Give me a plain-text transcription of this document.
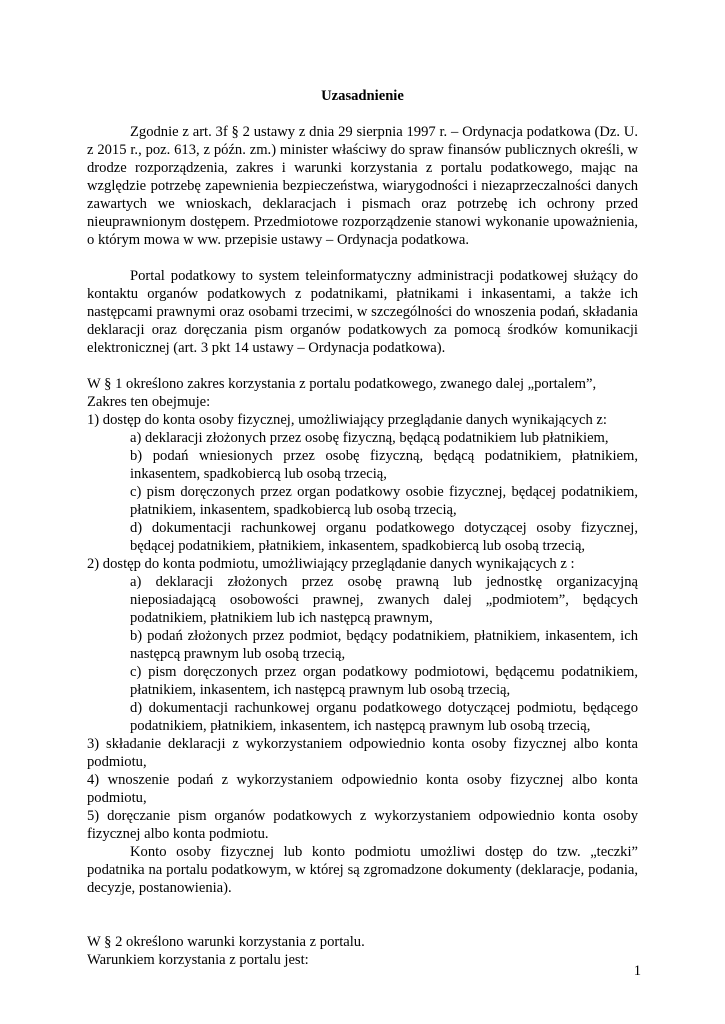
Uzasadnienie

Zgodnie z art. 3f § 2 ustawy z dnia 29 sierpnia 1997 r. – Ordynacja podatkowa (Dz. U. z 2015 r., poz. 613, z późn. zm.) minister właściwy do spraw finansów publicznych określi, w drodze rozporządzenia, zakres i warunki korzystania z portalu podatkowego, mając na względzie potrzebę zapewnienia bezpieczeństwa, wiarygodności i niezaprzeczalności danych zawartych we wnioskach, deklaracjach i pismach oraz potrzebę ich ochrony przed nieuprawnionym dostępem. Przedmiotowe rozporządzenie stanowi wykonanie upoważnienia, o którym mowa w ww. przepisie ustawy – Ordynacja podatkowa.

Portal podatkowy to system teleinformatyczny administracji podatkowej służący do kontaktu organów podatkowych z podatnikami, płatnikami i inkasentami, a także ich następcami prawnymi oraz osobami trzecimi, w szczególności do wnoszenia podań, składania deklaracji oraz doręczania pism organów podatkowych za pomocą środków komunikacji elektronicznej (art. 3 pkt 14 ustawy – Ordynacja podatkowa).

W § 1 określono zakres korzystania z portalu podatkowego, zwanego dalej „portalem”,

Zakres ten obejmuje:

1) dostęp do konta osoby fizycznej, umożliwiający przeglądanie danych wynikających z:

a) deklaracji złożonych przez osobę fizyczną, będącą podatnikiem lub płatnikiem,

b) podań wniesionych przez osobę fizyczną, będącą podatnikiem, płatnikiem, inkasentem, spadkobiercą lub osobą trzecią,

c) pism doręczonych przez organ podatkowy osobie fizycznej, będącej podatnikiem, płatnikiem, inkasentem, spadkobiercą lub osobą trzecią,

d) dokumentacji rachunkowej organu podatkowego dotyczącej osoby fizycznej, będącej podatnikiem, płatnikiem, inkasentem, spadkobiercą lub osobą trzecią,

2) dostęp do konta podmiotu, umożliwiający przeglądanie danych wynikających z :

a) deklaracji złożonych przez osobę prawną lub jednostkę organizacyjną nieposiadającą osobowości prawnej, zwanych dalej „podmiotem”, będących podatnikiem, płatnikiem lub ich następcą prawnym,

b) podań złożonych przez podmiot, będący podatnikiem, płatnikiem, inkasentem, ich następcą prawnym lub osobą trzecią,

c) pism doręczonych przez organ podatkowy podmiotowi, będącemu podatnikiem, płatnikiem, inkasentem, ich następcą prawnym lub osobą trzecią,

d) dokumentacji rachunkowej organu podatkowego dotyczącej podmiotu, będącego podatnikiem, płatnikiem, inkasentem, ich następcą prawnym lub osobą trzecią,

3) składanie deklaracji z wykorzystaniem odpowiednio konta osoby fizycznej albo konta podmiotu,

4) wnoszenie podań z wykorzystaniem odpowiednio konta osoby fizycznej albo konta podmiotu,

5) doręczanie pism organów podatkowych z wykorzystaniem odpowiednio konta osoby fizycznej albo konta podmiotu.

Konto osoby fizycznej lub konto podmiotu umożliwi dostęp do tzw. „teczki” podatnika na portalu podatkowym, w której są zgromadzone dokumenty (deklaracje, podania, decyzje, postanowienia).

W § 2 określono warunki korzystania z portalu.

Warunkiem korzystania z portalu jest:

1
